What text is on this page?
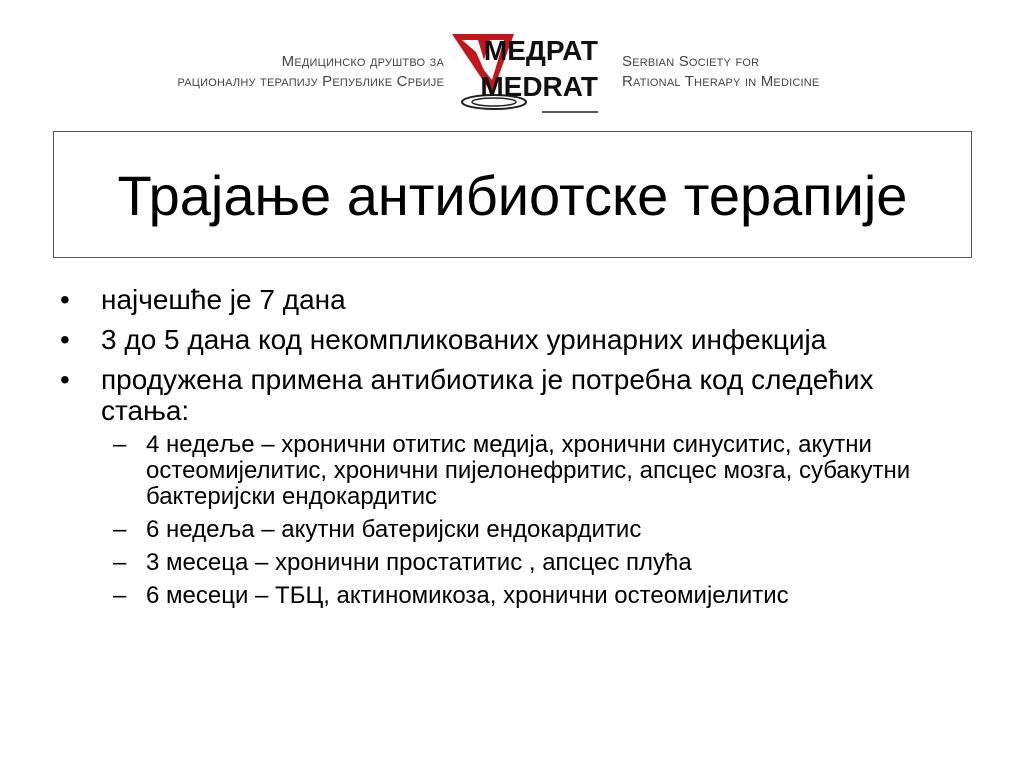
Медицинско друштво за
рационалну терапију Републике Србије
MEДРАТ
MEDRAT
Serbian Society for
Rational Therapy in Medicine
Трајање антибиотске терапије
• најчешће је 7 дана
• 3 до 5 дана код некомпликованих уринарних инфекција
• продужена примена антибиотика је потребна код следећих стања:
– 4 недеље – хронични отитис медија, хронични синуситис, акутни остеомијелитис, хронични пијелонефритис, апсцес мозга, субакутни бактеријски ендокардитис
– 6 недеља – акутни батеријски ендокардитис
– 3 месеца – хронични простатитис , апсцес плућа
– 6 месеци – ТБЦ, актиномикоза, хронични остеомијелитис
